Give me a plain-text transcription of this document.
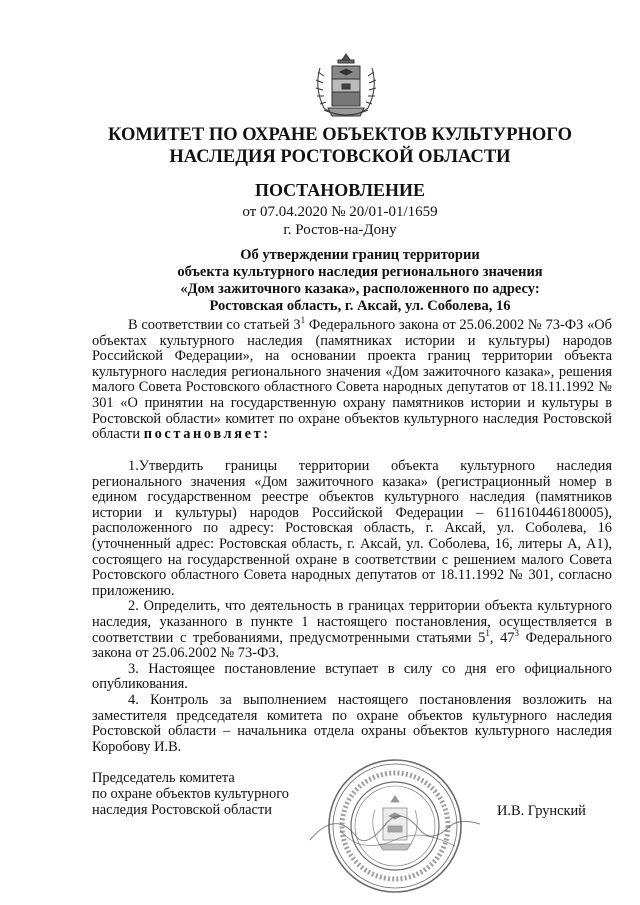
КОМИТЕТ ПО ОХРАНЕ ОБЪЕКТОВ КУЛЬТУРНОГО
НАСЛЕДИЯ РОСТОВСКОЙ ОБЛАСТИ
ПОСТАНОВЛЕНИЕ
от 07.04.2020 № 20/01-01/1659
г. Ростов-на-Дону
Об утверждении границ территории
объекта культурного наследия регионального значения
«Дом зажиточного казака», расположенного по адресу:
Ростовская область, г. Аксай, ул. Соболева, 16

В соответствии со статьей $3^1$ Федерального закона от 25.06.2002 № 73-ФЗ «Об объектах культурного наследия (памятниках истории и культуры) народов Российской Федерации», на основании проекта границ территории объекта культурного наследия регионального значения «Дом зажиточного казака», решения малого Совета Ростовского областного Совета народных депутатов от 18.11.1992 № 301 «О принятии на государственную охрану памятников истории и культуры в Ростовской области» комитет по охране объектов культурного наследия Ростовской области постановляет:

1.Утвердить границы территории объекта культурного наследия регионального значения «Дом зажиточного казака» (регистрационный номер в едином государственном реестре объектов культурного наследия (памятников истории и культуры) народов Российской Федерации – 611610446180005), расположенного по адресу: Ростовская область, г. Аксай, ул. Соболева, 16 (уточненный адрес: Ростовская область, г. Аксай, ул. Соболева, 16, литеры А, А1), состоящего на государственной охране в соответствии с решением малого Совета Ростовского областного Совета народных депутатов от 18.11.1992 № 301, согласно приложению.

2. Определить, что деятельность в границах территории объекта культурного наследия, указанного в пункте 1 настоящего постановления, осуществляется в соответствии с требованиями, предусмотренными статьями $5^1$, $47^3$ Федерального закона от 25.06.2002 № 73-ФЗ.

3. Настоящее постановление вступает в силу со дня его официального опубликования.

4. Контроль за выполнением настоящего постановления возложить на заместителя председателя комитета по охране объектов культурного наследия Ростовской области – начальника отдела охраны объектов культурного наследия Коробову И.В.

Председатель комитета
по охране объектов культурного
наследия Ростовской области	И.В. Грунский
